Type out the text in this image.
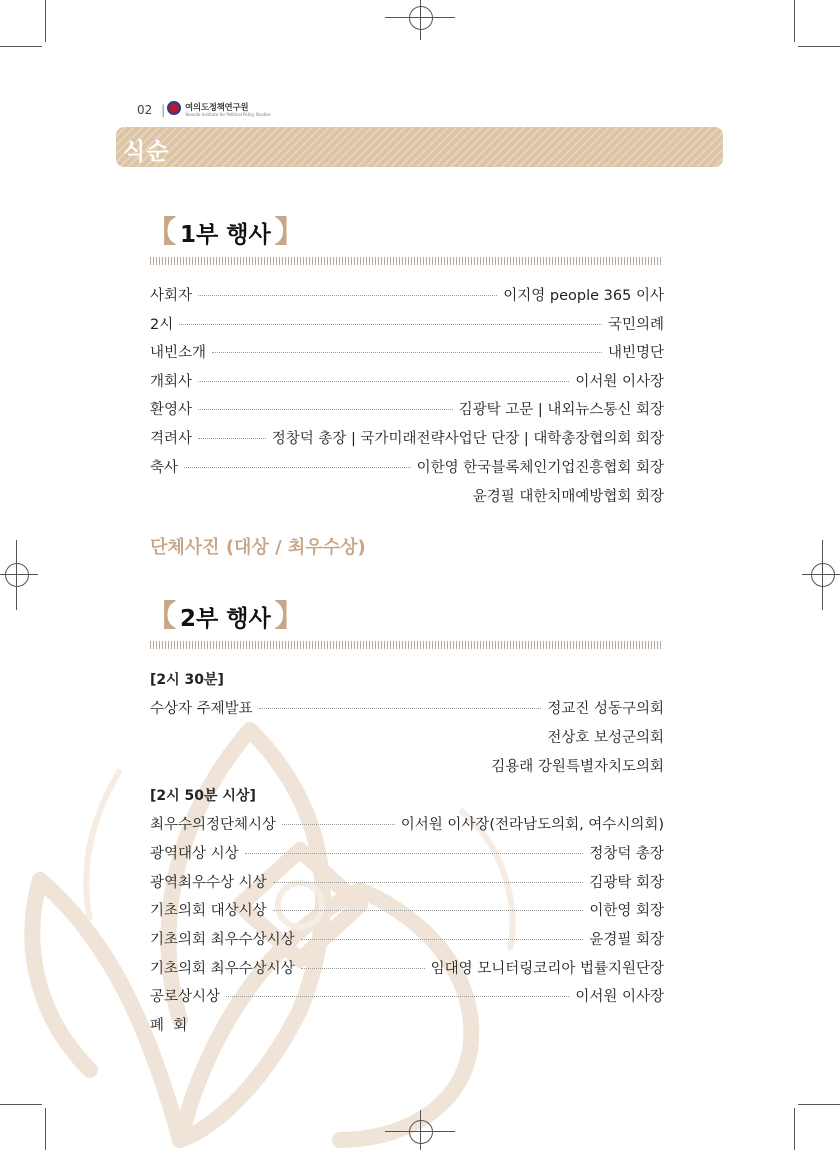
02 | 여의도정책연구원
Yeouido Institute for Political Policy Studies
식순
【 1부 행사 】
사회자	이지영 people 365 이사
2시	국민의례
내빈소개	내빈명단
개회사	이서원 이사장
환영사	김광탁 고문 | 내외뉴스통신 회장
격려사	정창덕 총장 | 국가미래전략사업단 단장 | 대학총장협의회 회장
축사	이한영 한국블록체인기업진흥협회 회장
윤경필 대한치매예방협회 회장
단체사진 (대상 / 최우수상)
【 2부 행사 】
[2시 30분]
수상자 주제발표	정교진 성동구의회
전상호 보성군의회
김용래 강원특별자치도의회
[2시 50분 시상]
최우수의정단체시상	이서원 이사장(전라남도의회, 여수시의회)
광역대상 시상	정창덕 총장
광역최우수상 시상	김광탁 회장
기초의회 대상시상	이한영 회장
기초의회 최우수상시상	윤경필 회장
기초의회 최우수상시상	임대영 모니터링코리아 법률지원단장
공로상시상	이서원 이사장
폐  회
